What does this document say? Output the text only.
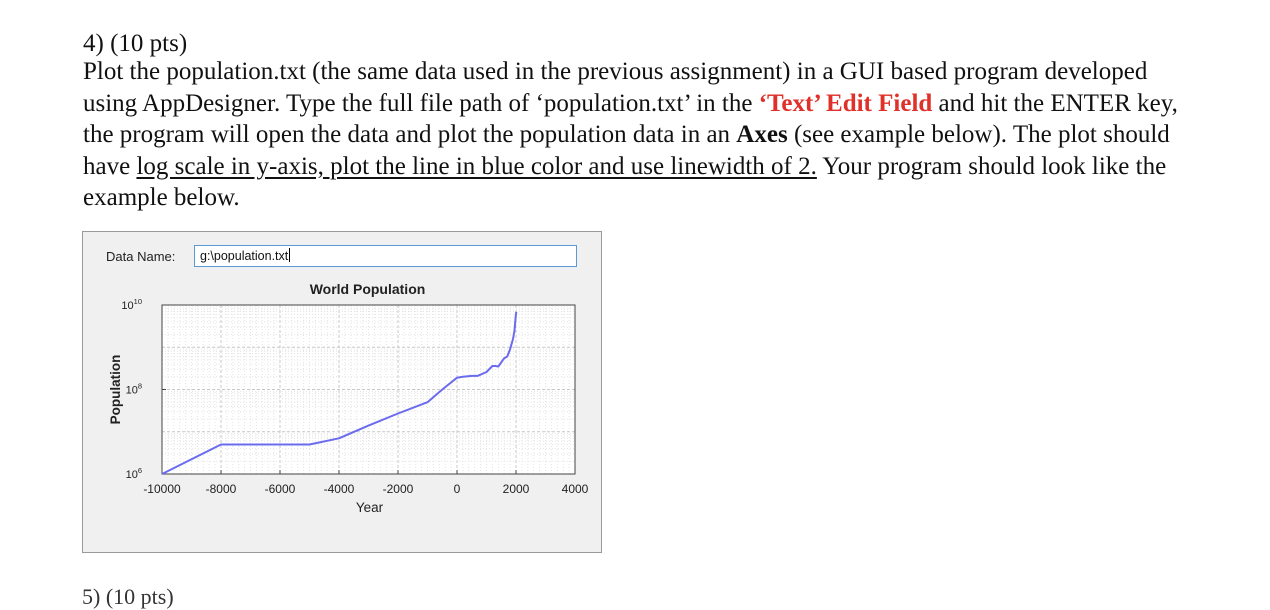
4) (10 pts)
Plot the population.txt (the same data used in the previous assignment) in a GUI based program developed using AppDesigner. Type the full file path of ‘population.txt’ in the ‘Text’ Edit Field and hit the ENTER key, the program will open the data and plot the population data in an Axes (see example below). The plot should have log scale in y-axis, plot the line in blue color and use linewidth of 2. Your program should look like the example below.
Data Name:	g:\population.txt
-10000 -8000 -6000 -4000 -2000	0	2000	4000
$10^{10}$
$10^8$
$10^6$
World Population
Year
Population
5) (10 pts)
